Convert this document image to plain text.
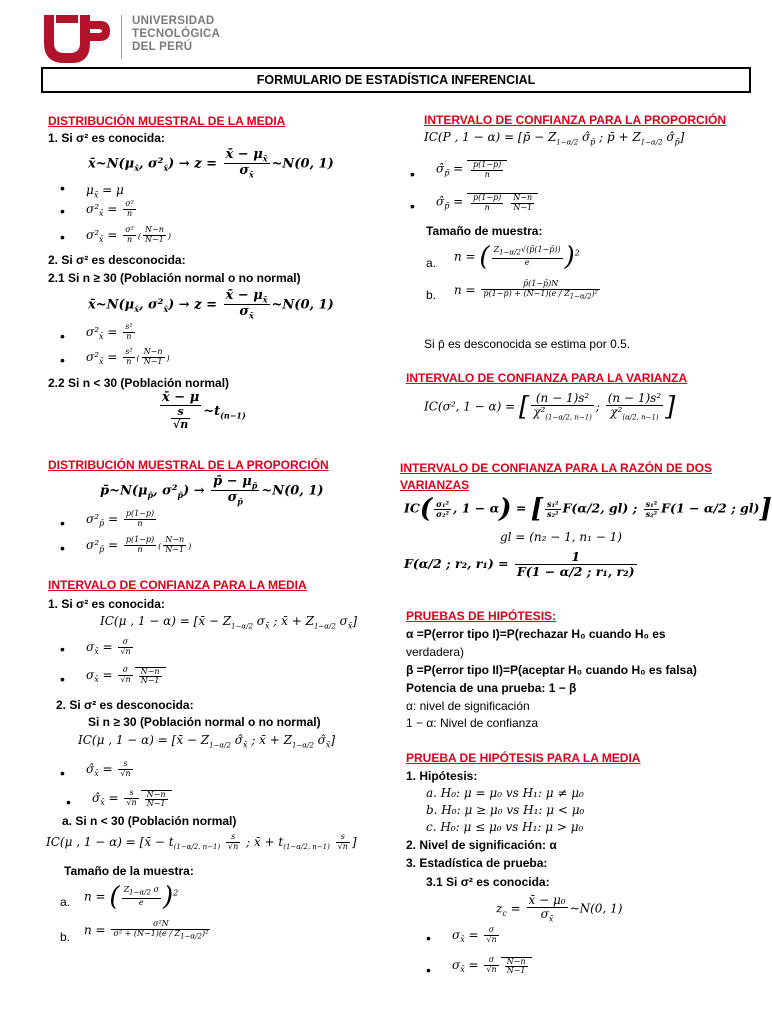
UNIVERSIDAD
TECNOLÓGICA
DEL PERÚ
FORMULARIO DE ESTADÍSTICA INFERENCIAL
DISTRIBUCIÓN MUESTRAL DE LA MEDIA
1. Si σ² es conocida:
$x̄\sim N(\mu_{x̄}$, $\sigma^2_{x̄}) \to z = \frac{x̄ - \mu_{x̄}}{\sigma_{x̄}}$ ~N(0, 1)
• $\mu_{x̄} = \mu$
• $\sigma^2_{x̄} = \frac{\text{σ²}}{n}$
• $\sigma^2_{x̄} = \frac{\text{σ²}}{n}$ ( $\frac{N-n}{N-1}$ )
2. Si σ² es desconocida:
2.1 Si n ≥ 30 (Población normal o no normal)
$x̄\sim N(\mu_{x̄}$, $\sigma^2_{x̄}) \to z = \frac{x̄ - \mu_{x̄}}{\sigma_{x̄}}$ ~N(0, 1)
• $\sigma^2_{x̄} = \frac{\text{s²}}{n}$
• $\sigma^2_{x̄} = \frac{\text{s²}}{n}$ ( $\frac{N-n}{N-1}$ )
2.2 Si n < 30 (Población normal)
$\frac{x̄ - \mu}{\frac{s}{√n}}$ $\sim t_{(n-1)}$
DISTRIBUCIÓN MUESTRAL DE LA PROPORCIÓN
$p̄\sim N(\mu_{p̄}$, $\sigma^2_{p̄}) \to \frac{p̄ - \mu_{p̄}}{\sigma_{p̄}}$ ~N(0, 1)
• $\sigma^2_{p̄} = \frac{p(1-p)}{n}$
• $\sigma^2_{p̄} = \frac{p(1-p)}{n}$ ( $\frac{N-n}{N-1}$ )
INTERVALO DE CONFIANZA PARA LA MEDIA
1. Si σ² es conocida:
IC(μ , 1 − α) = [x̄ − $Z_{1-\alpha/2}$ $\sigma_{x̄}$ ; x̄ + $Z_{1-\alpha/2}$ $\sigma_{x̄}$]
• $\sigma_{x̄} = \frac{\sigma}{√n}$
• $\sigma_{x̄} = \frac{\sigma}{√n} \frac{N-n}{N-1}$
2. Si σ² es desconocida:
Si n ≥ 30 (Población normal o no normal)
IC(μ , 1 − α) = [x̄ − $Z_{1-\alpha/2}$ $\sigmâ_{x̄}$ ; x̄ + $Z_{1-\alpha/2}$ $\sigmâ_{x̄}$]
• $\sigmâ_{x̄} = \frac{s}{√n}$
• $\sigmâ_{x̄} = \frac{s}{√n} \frac{N-n}{N-1}$
a. Si n < 30 (Población normal)
IC(μ , 1 − α) = [x̄ − $t_{(1-\alpha/2, n-1)} \frac{s}{√n}$ ; x̄ + $t_{(1-\alpha/2, n-1)} \frac{s}{√n}$ ]
Tamaño de la muestra:
a. n = ( $\frac{Z_{1-\alpha/2} \sigma}{e} )^2$
b. $n = \frac{\text{σ²N}}{\sigma^2 + (N-1)(e / Z_{1-\alpha/2})^2}$
INTERVALO DE CONFIANZA PARA LA PROPORCIÓN
IC(P , 1 − α) = [p̄ − $Z_{1-\alpha/2}$ $\sigmâ_{p̄}$ ; p̄ + $Z_{1-\alpha/2}$ $\sigmâ_{p̄}$]
• $\sigmâ_{p̄} = \frac{p̄(1-p̄)}{n}$
• $\sigmâ_{p̄} = \frac{p̄(1-p̄)}{n} \frac{N-n}{N-1}$
Tamaño de muestra:
a. n = ( $\frac{Z_{1-\alpha/2}√(p̄(1-p̄))}{e} )^2$
b. $n = \frac{p̄(1-p̄)N}{p̄(1-p̄) + (N-1)(e / Z_{1-\alpha/2})^2}$
Si p̄ es desconocida se estima por 0.5.
INTERVALO DE CONFIANZA PARA LA VARIANZA
IC(σ², 1 − α) = [ $\frac{\text{(n − 1)s²}}{\chi^2_{(1-\alpha/2, n-1)}}$ ; $\frac{\text{(n − 1)s²}}{\chi^2_{(\alpha/2, n-1)}}$ ]
INTERVALO DE CONFIANZA PARA LA RAZÓN DE DOS
VARIANZAS
$IC( \frac{\text{σ₁²}}{\text{σ₂²}}$ , 1 − α) = [ $\frac{\text{s₁²}}{\text{s₂²}} F(\alpha/2$, gl) ; $\frac{\text{s₁²}}{\text{s₂²}} F(1 - \alpha/2$ ; gl)]
gl = (n₂ − 1, n₁ − 1)
F(α/2 ; r₂, $r_1) = \frac{1}{\text{F(1 − α/2 ; r₁, r₂)}}$
PRUEBAS DE HIPÓTESIS:
α =P(error tipo I)=P(rechazar H₀ cuando H₀ es
verdadera)
β =P(error tipo II)=P(aceptar H₀ cuando H₀ es falsa)
Potencia de una prueba: 1 − β
α: nivel de significación
1 − α: Nivel de confianza
PRUEBA DE HIPÓTESIS PARA LA MEDIA
1. Hipótesis:
a. H₀: μ = μ₀ vs H₁: μ ≠ μ₀
b. H₀: μ ≥ μ₀ vs H₁: μ < μ₀
c. H₀: μ ≤ μ₀ vs H₁: μ > μ₀
2. Nivel de significación: α
3. Estadística de prueba:
3.1 Si σ² es conocida:
$z_c = \frac{\text{x̄ − μ₀}}{\sigma_{x̄}}$ ~N(0, 1)
• $\sigma_{x̄} = \frac{\sigma}{√n}$
• $\sigma_{x̄} = \frac{\sigma}{√n} \frac{N-n}{N-1}$
